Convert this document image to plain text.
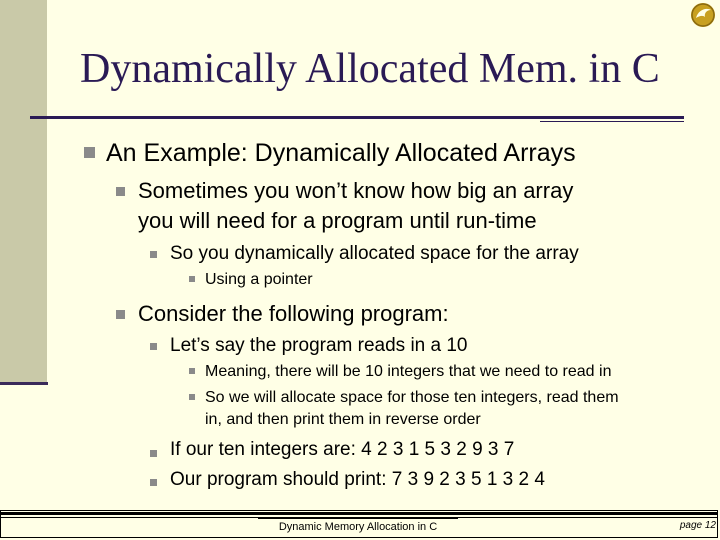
Dynamically Allocated Mem. in C
An Example: Dynamically Allocated Arrays
Sometimes you won’t know how big an array
you will need for a program until run-time
So you dynamically allocated space for the array
Using a pointer
Consider the following program:
Let’s say the program reads in a 10
Meaning, there will be 10 integers that we need to read in
So we will allocate space for those ten integers, read them
in, and then print them in reverse order
If our ten integers are: 4 2 3 1 5 3 2 9 3 7
Our program should print: 7 3 9 2 3 5 1 3 2 4
Dynamic Memory Allocation in C	page 12
